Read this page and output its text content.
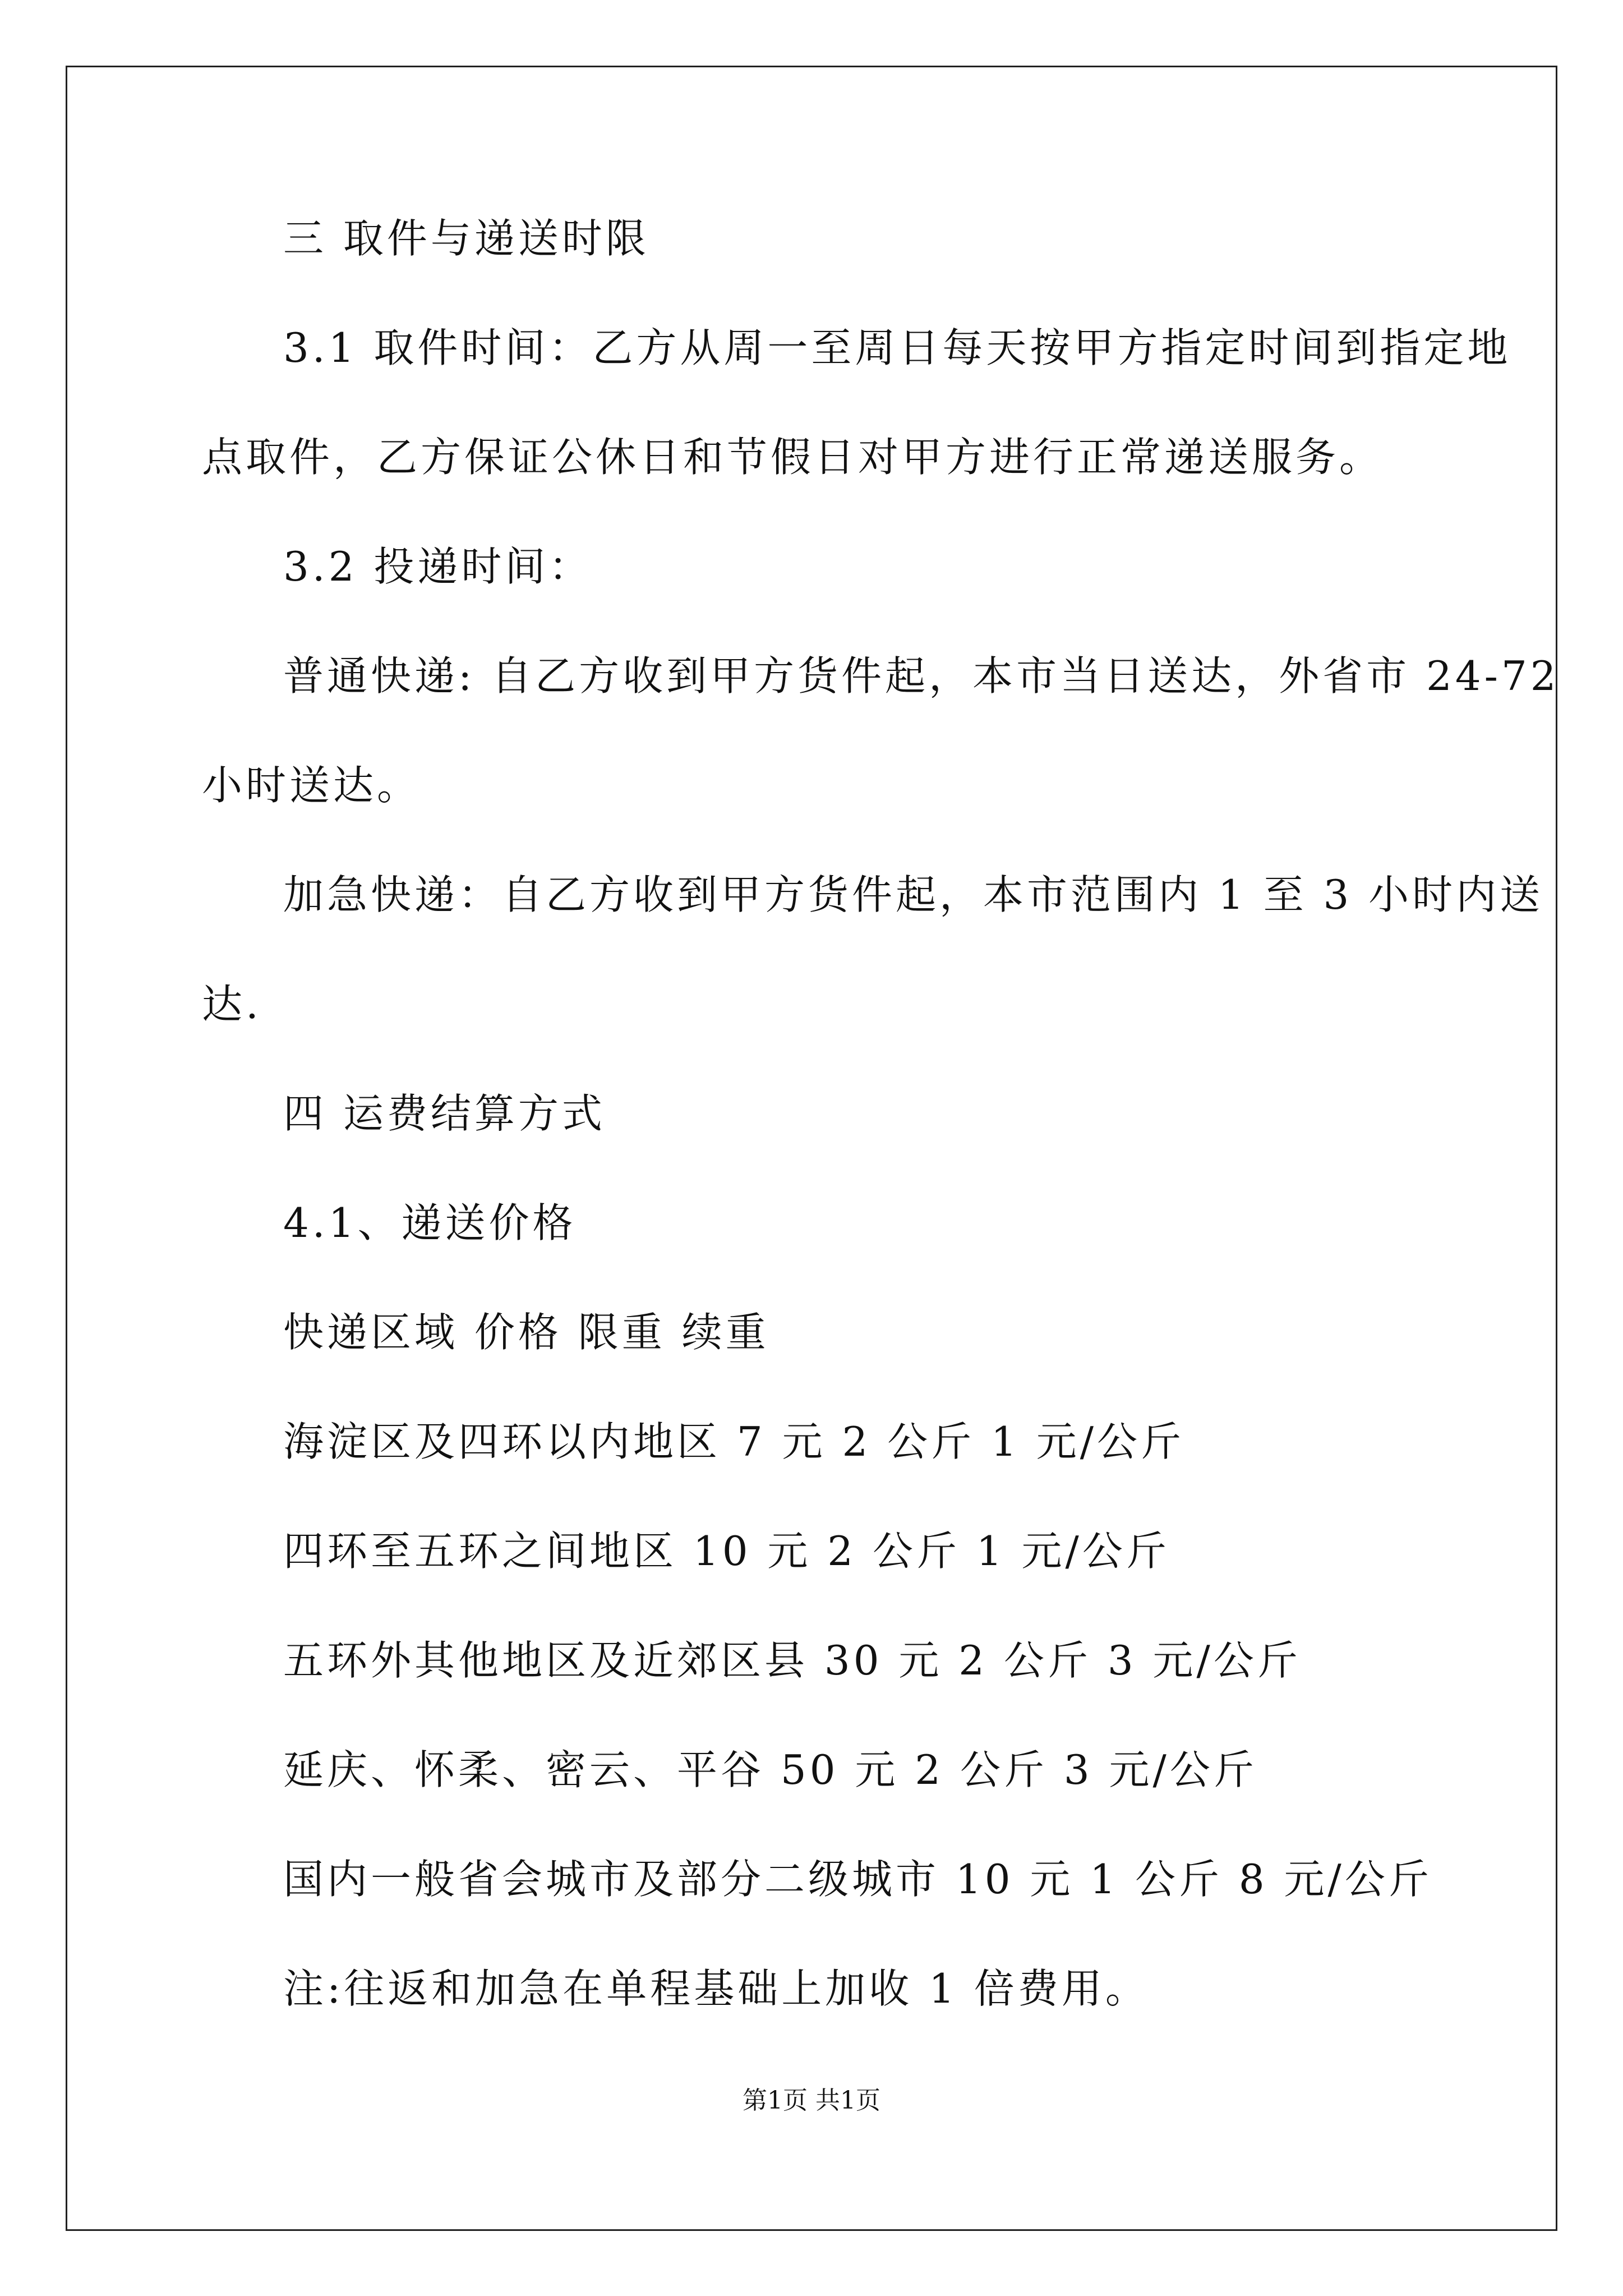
三 取件与递送时限
3.1 取件时间：乙方从周一至周日每天按甲方指定时间到指定地
点取件，乙方保证公休日和节假日对甲方进行正常递送服务。
3.2 投递时间：
普通快递: 自乙方收到甲方货件起，本市当日送达，外省市 24-72
小时送达。
加急快递：自乙方收到甲方货件起，本市范围内 1 至 3 小时内送
达.
四 运费结算方式
4.1、递送价格
快递区域 价格 限重 续重
海淀区及四环以内地区 7 元 2 公斤 1 元/公斤
四环至五环之间地区 10 元 2 公斤 1 元/公斤
五环外其他地区及近郊区县 30 元 2 公斤 3 元/公斤
延庆、怀柔、密云、平谷 50 元 2 公斤 3 元/公斤
国内一般省会城市及部分二级城市 10 元 1 公斤 8 元/公斤
注:往返和加急在单程基础上加收 1 倍费用。
第1页 共1页
